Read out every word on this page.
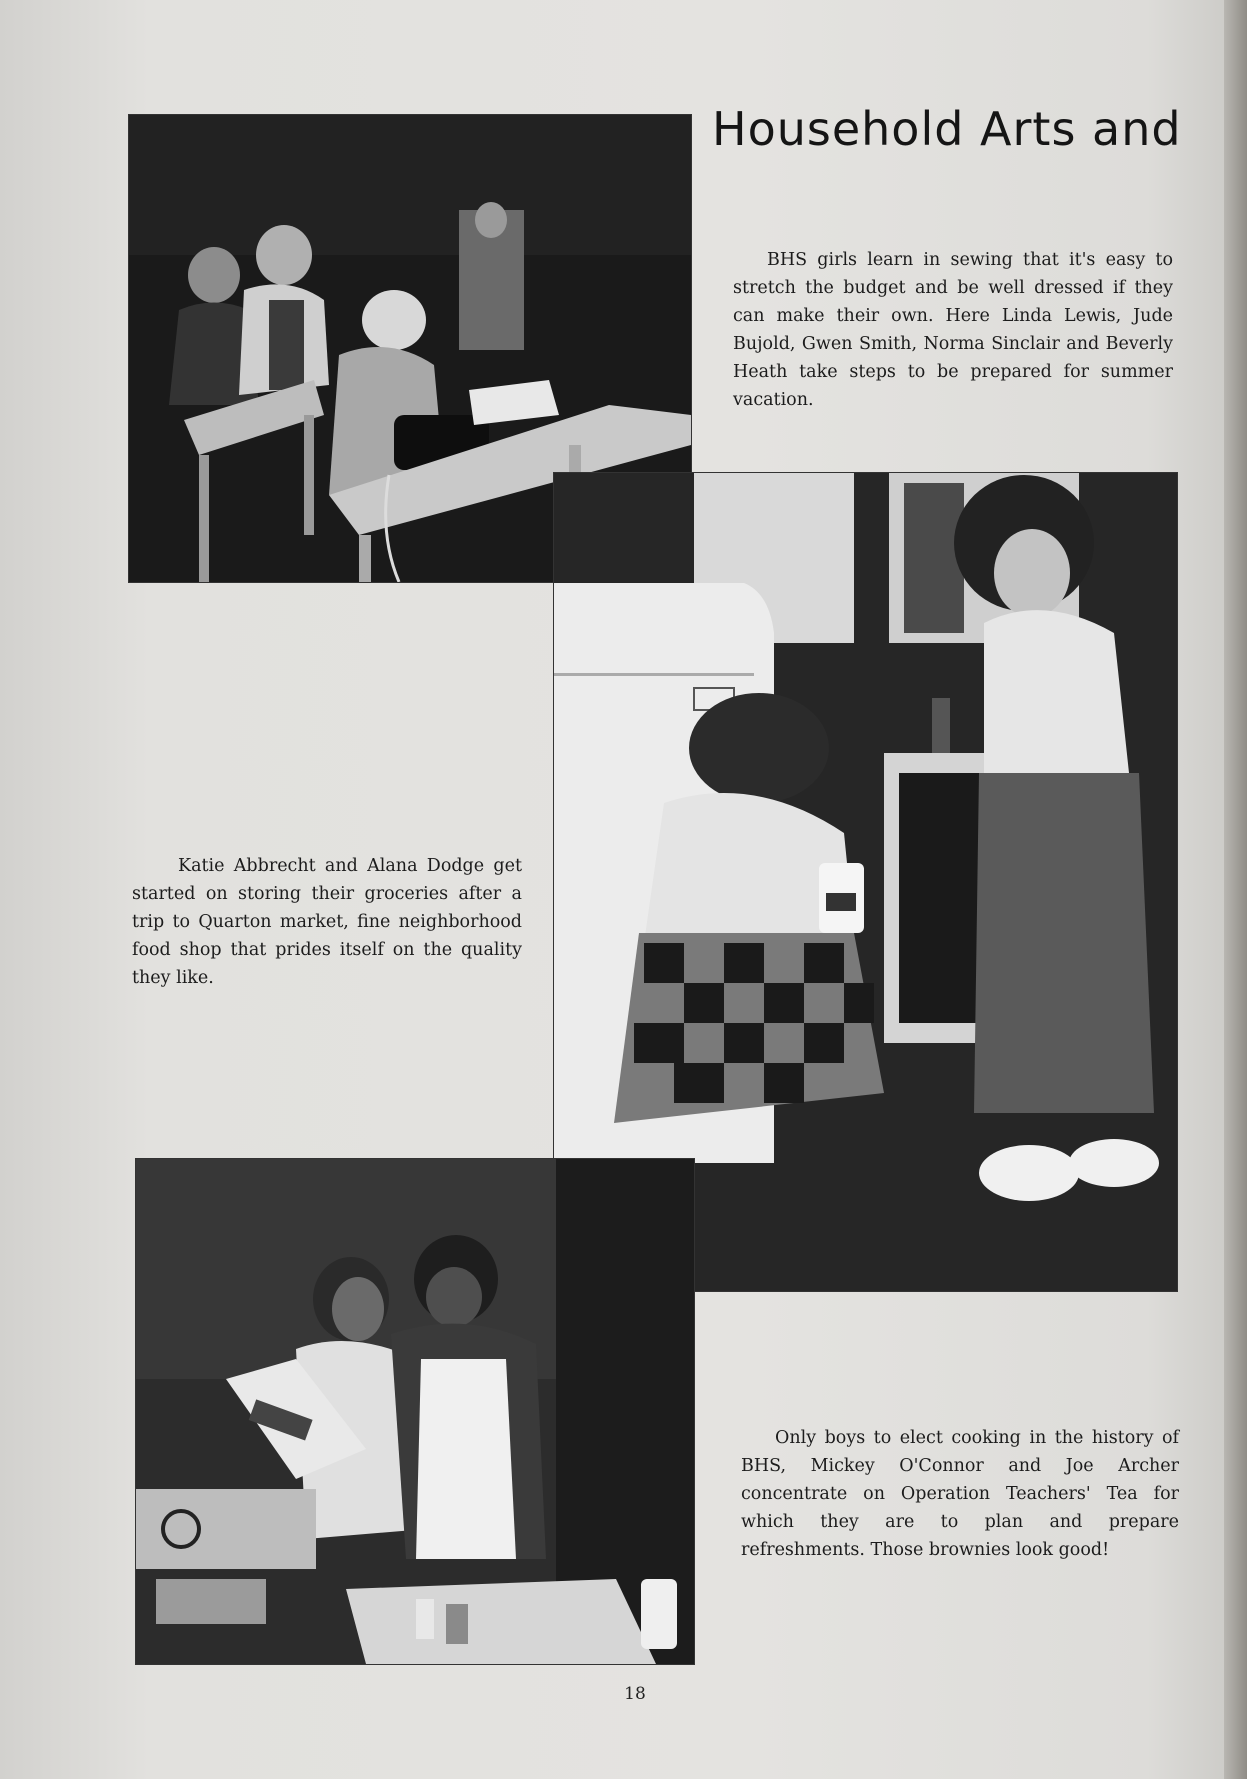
Household Arts and

BHS girls learn in sewing that it's easy to stretch the budget and be well dressed if they can make their own. Here Linda Lewis, Jude Bujold, Gwen Smith, Norma Sinclair and Beverly Heath take steps to be prepared for summer vacation.

Katie Abbrecht and Alana Dodge get started on storing their groceries after a trip to Quarton market, fine neighborhood food shop that prides itself on the quality they like.

Only boys to elect cooking in the history of BHS, Mickey O'Connor and Joe Archer concentrate on Operation Teachers' Tea for which they are to plan and prepare refreshments. Those brownies look good!

18
